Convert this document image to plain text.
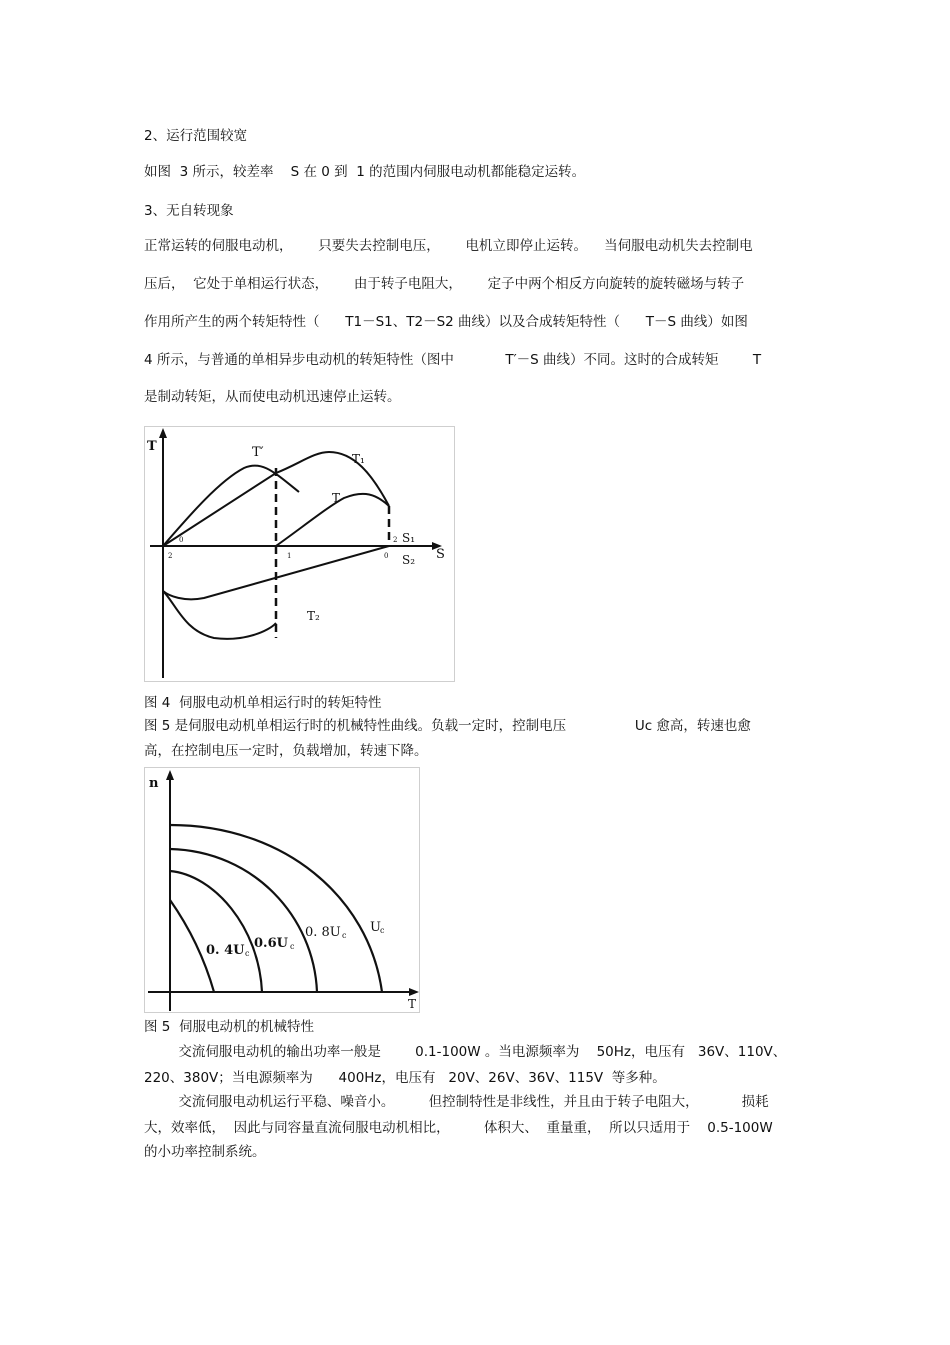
2、运行范围较宽
如图  3 所示，较差率    S 在 0 到  1 的范围内伺服电动机都能稳定运转。
3、无自转现象
正常运转的伺服电动机，      只要失去控制电压，      电机立即停止运转。    当伺服电动机失去控制电
压后，  它处于单相运行状态，      由于转子电阻大，      定子中两个相反方向旋转的旋转磁场与转子
作用所产生的两个转矩特性（      T1－S1、T2－S2 曲线）以及合成转矩特性（      T－S 曲线）如图
4 所示，与普通的单相异步电动机的转矩特性（图中            T′－S 曲线）不同。这时的合成转矩        T
是制动转矩，从而使电动机迅速停止运转。
T
S
T′	T₁
T
T₂
S₁
S₂
2
0
1
2
0
图 4  伺服电动机单相运行时的转矩特性
图 5 是伺服电动机单相运行时的机械特性曲线。负载一定时，控制电压                Uc 愈高，转速也愈
高，在控制电压一定时，负载增加，转速下降。
n
T
0. 4U c
0.6U c
0. 8U c
U c
图 5  伺服电动机的机械特性
交流伺服电动机的输出功率一般是        0.1-100W 。当电源频率为    50Hz，电压有   36V、110V、
220、380V；当电源频率为      400Hz，电压有   20V、26V、36V、115V  等多种。
交流伺服电动机运行平稳、噪音小。        但控制特性是非线性，并且由于转子电阻大，          损耗
大，效率低，  因此与同容量直流伺服电动机相比，        体积大、  重量重，  所以只适用于    0.5-100W
的小功率控制系统。
